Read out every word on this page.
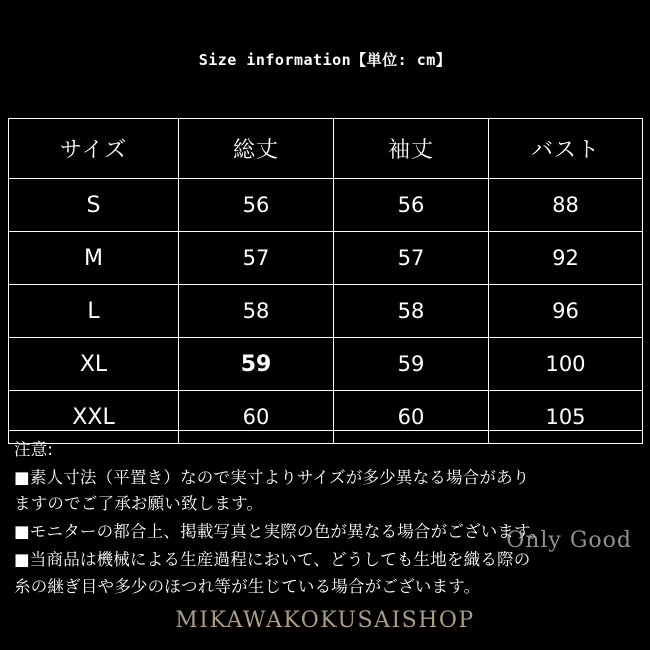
Size information【単位: cm】
サイズ	総丈	袖丈	バスト
S	56	56	88
M	57	57	92
L	58	58	96
XL	59	59	100
XXL	60	60	105
注意:
■素人寸法（平置き）なので実寸よりサイズが多少異なる場合があり
ますのでご了承お願い致します。
■モニターの都合上、掲載写真と実際の色が異なる場合がございます。
■当商品は機械による生産過程において、どうしても生地を織る際の
糸の継ぎ目や多少のほつれ等が生じている場合がございます。
Only Good
MIKAWAKOKUSAISHOP
